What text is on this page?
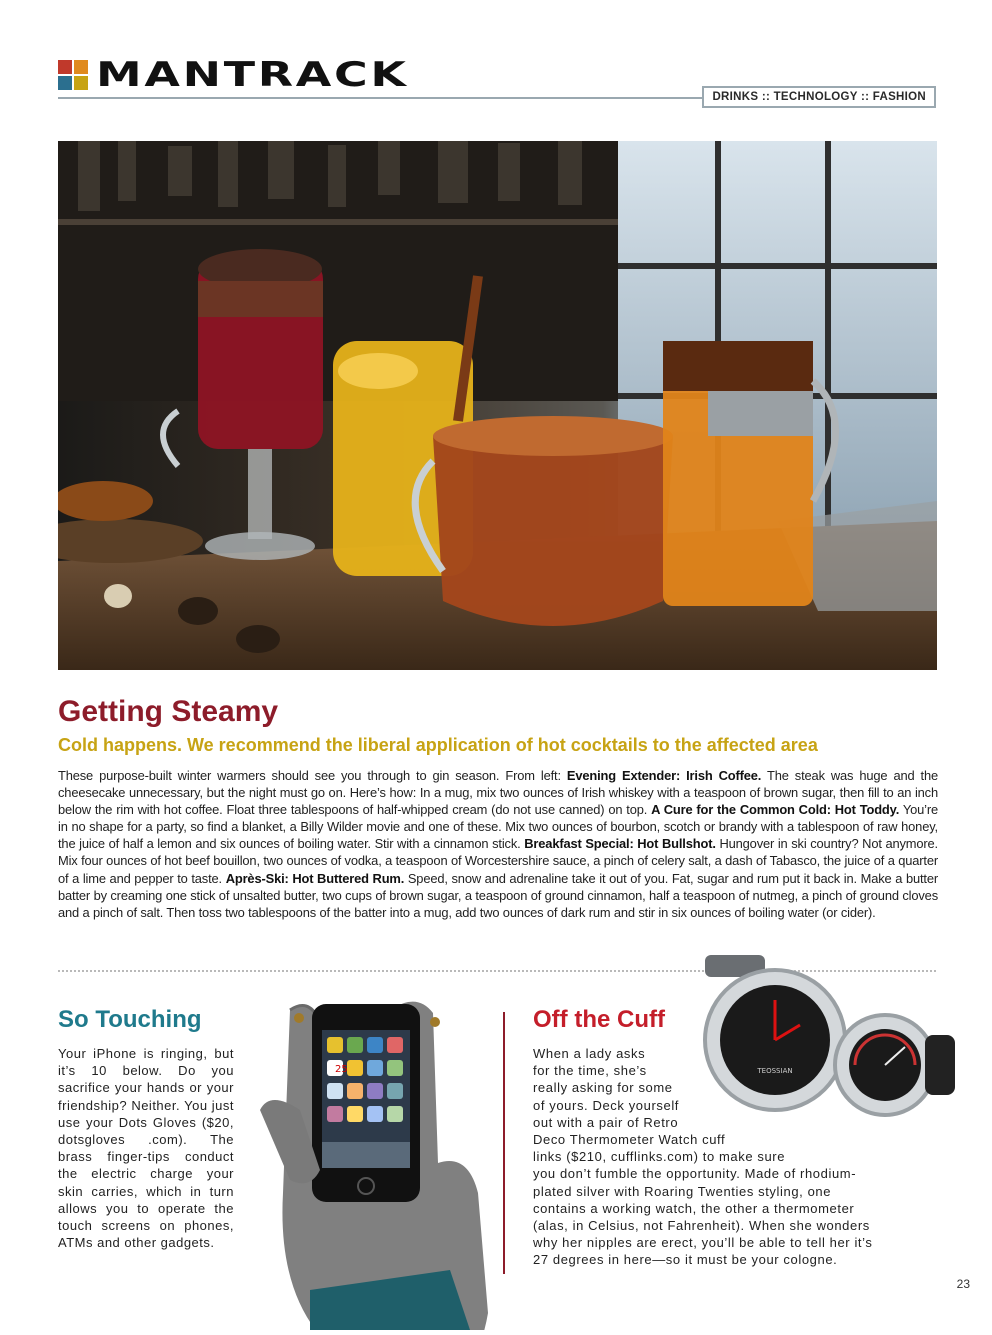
MANTRACK
DRINKS :: TECHNOLOGY :: FASHION
Getting Steamy
Cold happens. We recommend the liberal application of hot cocktails to the affected area

These purpose-built winter warmers should see you through to gin season. From left: Evening Extender: Irish Coffee. The steak was huge and the cheesecake unnecessary, but the night must go on. Here’s how: In a mug, mix two ounces of Irish whiskey with a teaspoon of brown sugar, then fill to an inch below the rim with hot coffee. Float three tablespoons of half-whipped cream (do not use canned) on top. A Cure for the Common Cold: Hot Toddy. You’re in no shape for a party, so find a blanket, a Billy Wilder movie and one of these. Mix two ounces of bourbon, scotch or brandy with a tablespoon of raw honey, the juice of half a lemon and six ounces of boiling water. Stir with a cinnamon stick. Breakfast Special: Hot Bullshot. Hungover in ski country? Not anymore. Mix four ounces of hot beef bouillon, two ounces of vodka, a teaspoon of Worcestershire sauce, a pinch of celery salt, a dash of Tabasco, the juice of a quarter of a lime and pepper to taste. Après-Ski: Hot Buttered Rum. Speed, snow and adrenaline take it out of you. Fat, sugar and rum put it back in. Make a butter batter by creaming one stick of unsalted butter, two cups of brown sugar, a teaspoon of ground cinnamon, half a teaspoon of nutmeg, a pinch of ground cloves and a pinch of salt. Then toss two tablespoons of the batter into a mug, add two ounces of dark rum and stir in six ounces of boiling water (or cider).

So Touching

Your iPhone is ringing, but it’s 10 below. Do you sacrifice your hands or your friendship? Neither. You just use your Dots Gloves ($20, dotsgloves .com). The brass finger-tips conduct the electric charge your skin carries, which in turn allows you to operate the touch screens on phones, ATMs and other gadgets.

25
Off the Cuff

When a lady asks
for the time, she’s
really asking for some
of yours. Deck yourself
out with a pair of Retro
Deco Thermometer Watch cuff
links ($210, cufflinks.com) to make sure
you don’t fumble the opportunity. Made of rhodium-
plated silver with Roaring Twenties styling, one
contains a working watch, the other a thermometer
(alas, in Celsius, not Fahrenheit). When she wonders
why her nipples are erect, you’ll be able to tell her it’s
27 degrees in here—so it must be your cologne.

TEOSSIAN
23
